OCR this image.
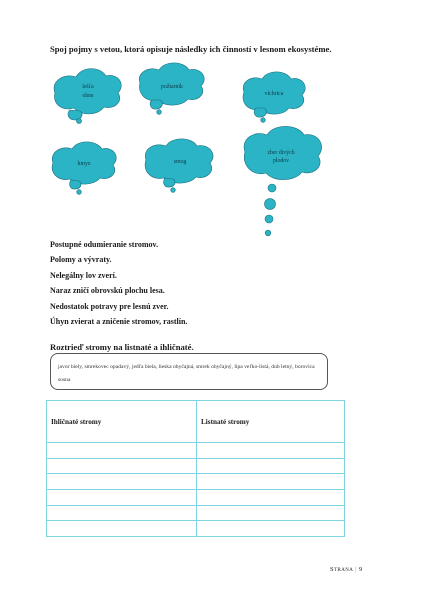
Spoj pojmy s vetou, ktorá opisuje následky ich činností v lesnom ekosystéme.
lešťa ohne
požiarnik
víchrica
hmyz	smog
zber divých plodov
Postupné odumieranie stromov.
Polomy a vývraty.
Nelegálny lov zverí.
Naraz zničí obrovskú plochu lesa.
Nedostatok potravy pre lesnú zver.
Úhyn zvierat a zničenie stromov, rastlín.
Roztrieď stromy na listnaté a ihličnaté.
javor biely, smrekovec opadavý, jedľa biela, lieska obyčajná, smrek obyčajný, lipa veľko-listá, dub letný, borovica sosna
Ihličnaté stromy	Listnaté stromy

Strana | 9
